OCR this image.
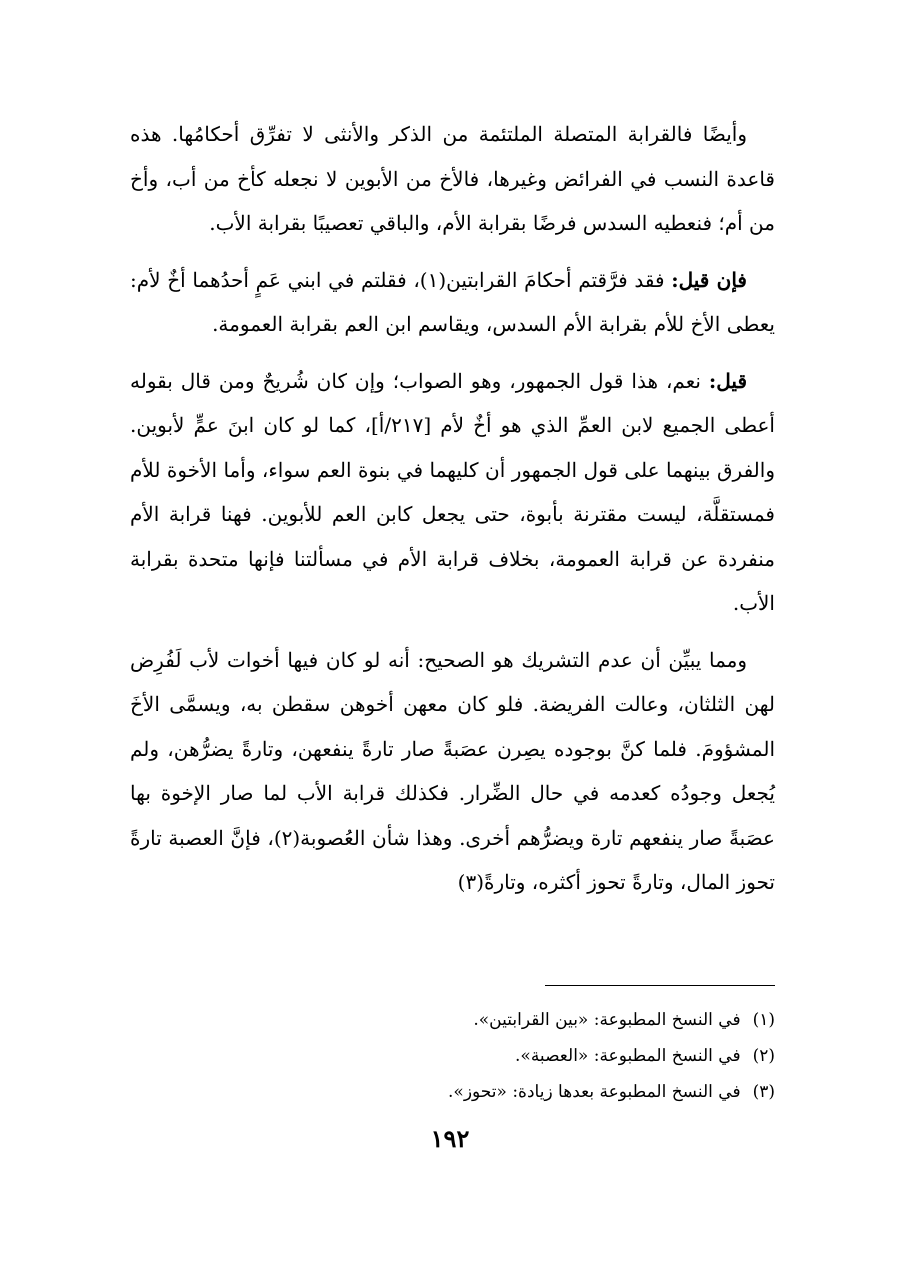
وأيضًا فالقرابة المتصلة الملتئمة من الذكر والأنثى لا تفرِّق أحكامُها. هذه قاعدة النسب في الفرائض وغيرها، فالأخ من الأبوين لا نجعله كأخ من أب، وأخ من أم؛ فنعطيه السدس فرضًا بقرابة الأم، والباقي تعصيبًا بقرابة الأب.

فإن قيل: فقد فرَّقتم أحكامَ القرابتين(١)، فقلتم في ابني عَمٍ أحدُهما أخٌ لأم: يعطى الأخ للأم بقرابة الأم السدس، ويقاسم ابن العم بقرابة العمومة.

قيل: نعم، هذا قول الجمهور، وهو الصواب؛ وإن كان شُريحٌ ومن قال بقوله أعطى الجميع لابن العمِّ الذي هو أخٌ لأم [٢١٧/أ]، كما لو كان ابنَ عمٍّ لأبوين. والفرق بينهما على قول الجمهور أن كليهما في بنوة العم سواء، وأما الأخوة للأم فمستقلَّة، ليست مقترنة بأبوة، حتى يجعل كابن العم للأبوين. فهنا قرابة الأم منفردة عن قرابة العمومة، بخلاف قرابة الأم في مسألتنا فإنها متحدة بقرابة الأب.

ومما يبيِّن أن عدم التشريك هو الصحيح: أنه لو كان فيها أخوات لأب لَفُرِض لهن الثلثان، وعالت الفريضة. فلو كان معهن أخوهن سقطن به، ويسمَّى الأخَ المشؤومَ. فلما كنَّ بوجوده يصِرن عصَبةً صار تارةً ينفعهن، وتارةً يضرُّهن، ولم يُجعل وجودُه كعدمه في حال الضِّرار. فكذلك قرابة الأب لما صار الإخوة بها عصَبةً صار ينفعهم تارة ويضرُّهم أخرى. وهذا شأن العُصوبة(٢)، فإنَّ العصبة تارةً تحوز المال، وتارةً تحوز أكثره، وتارةً(٣)

(١)في النسخ المطبوعة: «بين القرابتين».

(٢)في النسخ المطبوعة: «العصبة».

(٣)في النسخ المطبوعة بعدها زيادة: «تحوز».

١٩٢
